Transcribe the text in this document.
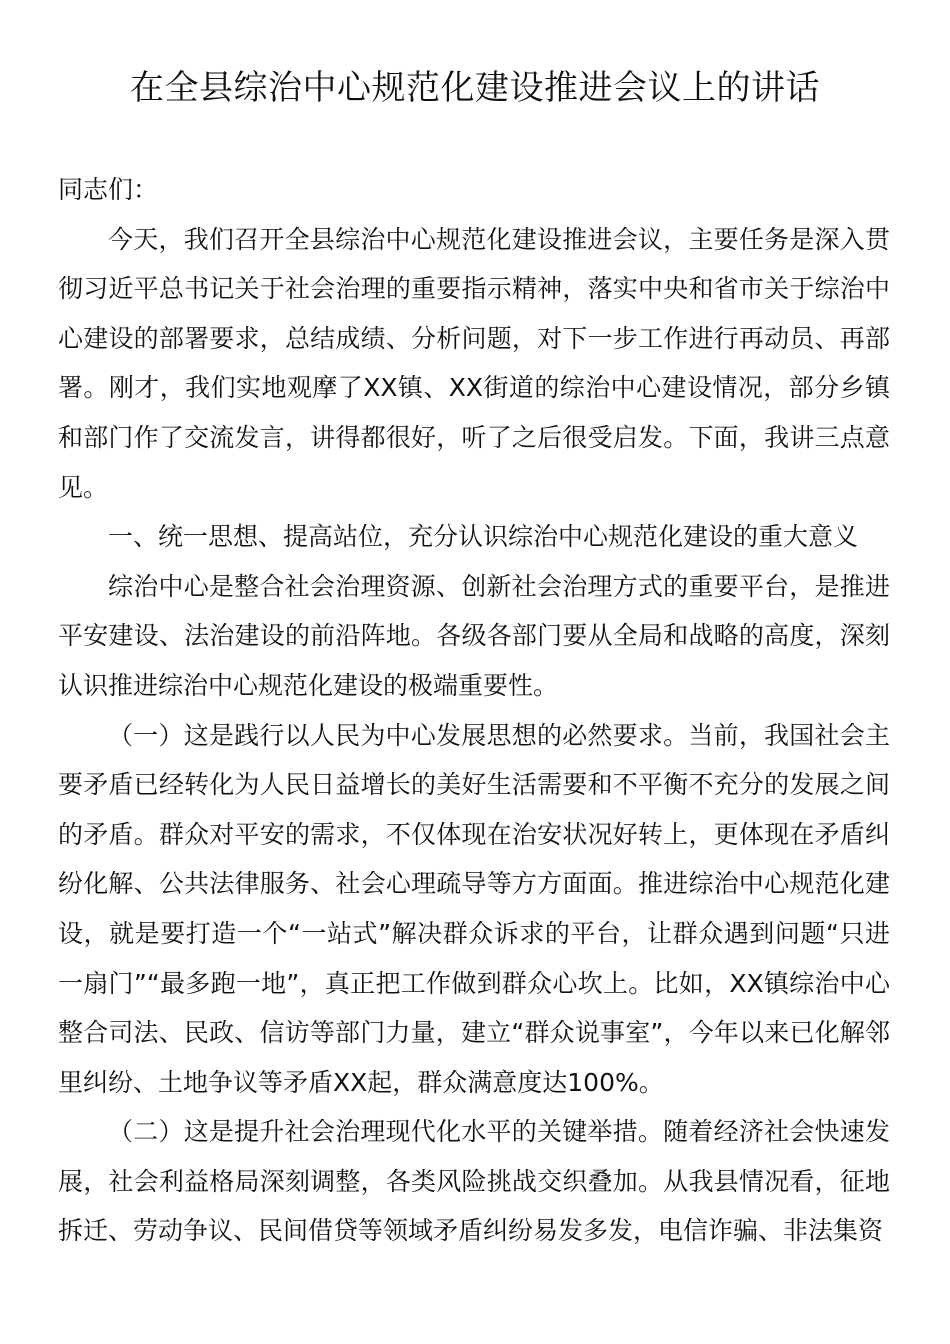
在全县综治中心规范化建设推进会议上的讲话

同志们：

今天，我们召开全县综治中心规范化建设推进会议，主要任务是深入贯彻习近平总书记关于社会治理的重要指示精神，落实中央和省市关于综治中心建设的部署要求，总结成绩、分析问题，对下一步工作进行再动员、再部署。刚才，我们实地观摩了XX镇、XX街道的综治中心建设情况，部分乡镇和部门作了交流发言，讲得都很好，听了之后很受启发。下面，我讲三点意见。

一、统一思想、提高站位，充分认识综治中心规范化建设的重大意义

综治中心是整合社会治理资源、创新社会治理方式的重要平台，是推进平安建设、法治建设的前沿阵地。各级各部门要从全局和战略的高度，深刻认识推进综治中心规范化建设的极端重要性。

（一）这是践行以人民为中心发展思想的必然要求。当前，我国社会主要矛盾已经转化为人民日益增长的美好生活需要和不平衡不充分的发展之间的矛盾。群众对平安的需求，不仅体现在治安状况好转上，更体现在矛盾纠纷化解、公共法律服务、社会心理疏导等方方面面。推进综治中心规范化建设，就是要打造一个“一站式”解决群众诉求的平台，让群众遇到问题“只进一扇门”“最多跑一地”，真正把工作做到群众心坎上。比如，XX镇综治中心整合司法、民政、信访等部门力量，建立“群众说事室”，今年以来已化解邻里纠纷、土地争议等矛盾XX起，群众满意度达100%。

（二）这是提升社会治理现代化水平的关键举措。随着经济社会快速发展，社会利益格局深刻调整，各类风险挑战交织叠加。从我县情况看，征地拆迁、劳动争议、民间借贷等领域矛盾纠纷易发多发，电信诈骗、非法集资
